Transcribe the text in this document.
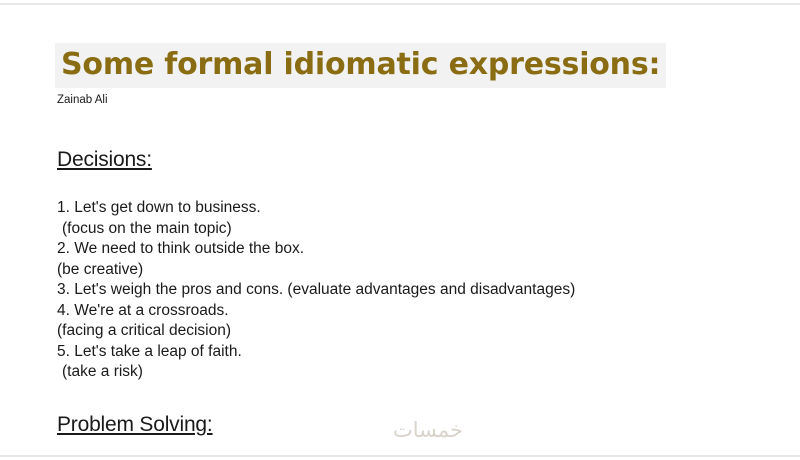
Some formal idiomatic expressions:
Zainab Ali
Decisions:
1. Let's get down to business.
(focus on the main topic)
2. We need to think outside the box.
(be creative)
3. Let's weigh the pros and cons. (evaluate advantages and disadvantages)
4. We're at a crossroads.
(facing a critical decision)
5. Let's take a leap of faith.
(take a risk)
Problem Solving:	خمسات
